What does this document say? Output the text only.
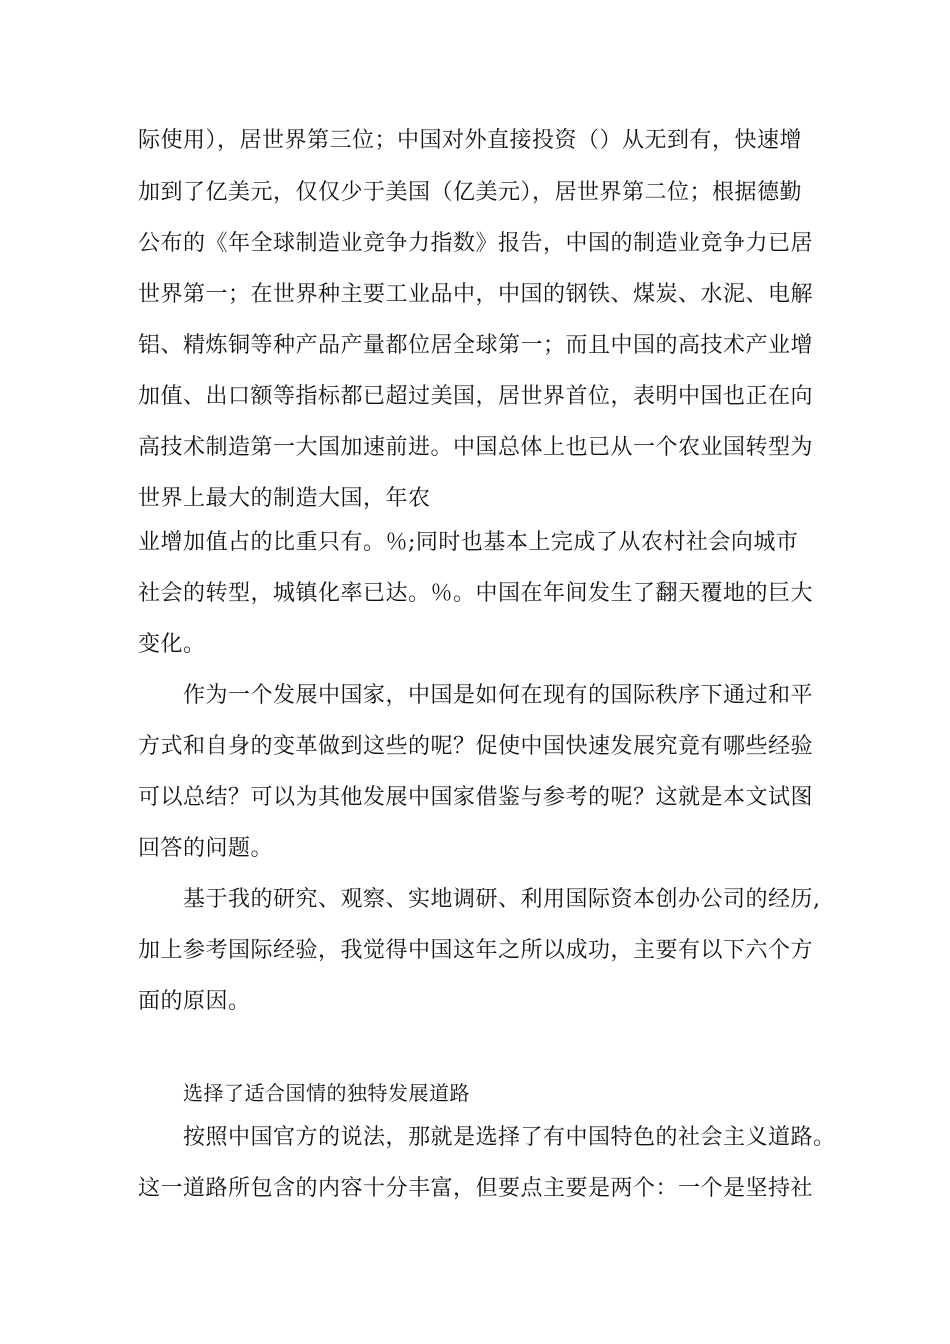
际使用），居世界第三位；中国对外直接投资（）从无到有，快速增
加到了亿美元，仅仅少于美国（亿美元），居世界第二位；根据德勤
公布的《年全球制造业竞争力指数》报告，中国的制造业竞争力已居
世界第一；在世界种主要工业品中，中国的钢铁、煤炭、水泥、电解
铝、精炼铜等种产品产量都位居全球第一；而且中国的高技术产业增
加值、出口额等指标都已超过美国，居世界首位，表明中国也正在向
高技术制造第一大国加速前进。中国总体上也已从一个农业国转型为
世界上最大的制造大国，年农
业增加值占的比重只有。％;同时也基本上完成了从农村社会向城市
社会的转型，城镇化率已达。％。中国在年间发生了翻天覆地的巨大
变化。
作为一个发展中国家，中国是如何在现有的国际秩序下通过和平
方式和自身的变革做到这些的呢？促使中国快速发展究竟有哪些经验
可以总结？可以为其他发展中国家借鉴与参考的呢？这就是本文试图
回答的问题。
基于我的研究、观察、实地调研、利用国际资本创办公司的经历,
加上参考国际经验，我觉得中国这年之所以成功，主要有以下六个方
面的原因。
选择了适合国情的独特发展道路
按照中国官方的说法，那就是选择了有中国特色的社会主义道路。
这一道路所包含的内容十分丰富，但要点主要是两个：一个是坚持社
